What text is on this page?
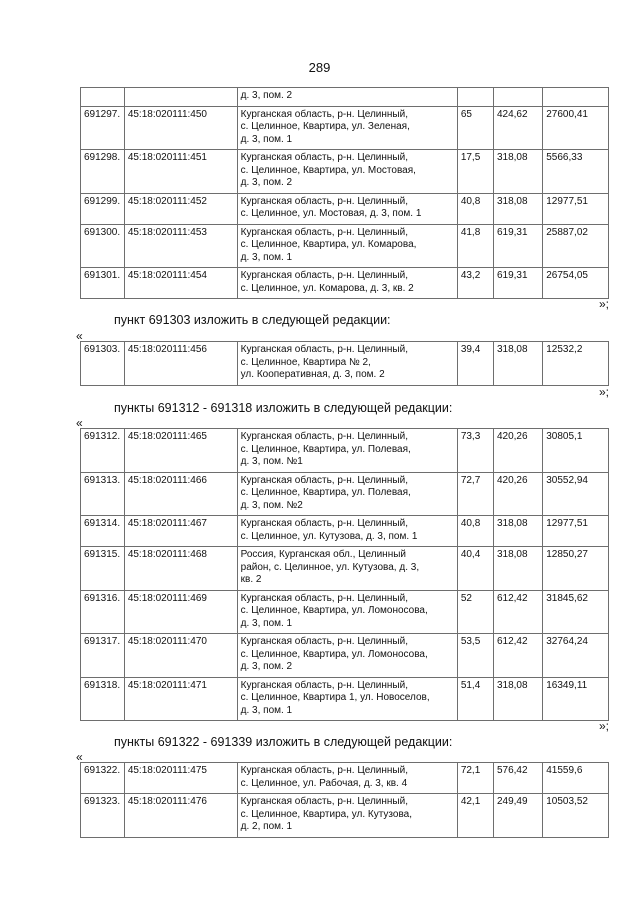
289

		д. 3, пом. 2			

691297.	45:18:020111:450	Курганская область, р-н. Целинный,
с. Целинное, Квартира, ул. Зеленая,
д. 3, пом. 1	65	424,62	27600,41
691298.	45:18:020111:451	Курганская область, р-н. Целинный,
с. Целинное, Квартира, ул. Мостовая,
д. 3, пом. 2	17,5	318,08	5566,33
691299.	45:18:020111:452	Курганская область, р-н. Целинный,
с. Целинное, ул. Мостовая, д. 3, пом. 1	40,8	318,08	12977,51
691300.	45:18:020111:453	Курганская область, р-н. Целинный,
с. Целинное, Квартира, ул. Комарова,
д. 3, пом. 1	41,8	619,31	25887,02
691301.	45:18:020111:454	Курганская область, р-н. Целинный,
с. Целинное, ул. Комарова, д. 3, кв. 2	43,2	619,31	26754,05
»;
пункт 691303 изложить в следующей редакции:
«
691303.	45:18:020111:456	Курганская область, р-н. Целинный,
с. Целинное, Квартира № 2,
ул. Кооперативная, д. 3, пом. 2
	39,4	318,08	12532,2
»;
пункты 691312 - 691318 изложить в следующей редакции:
«
691312.	45:18:020111:465	Курганская область, р-н. Целинный,
с. Целинное, Квартира, ул. Полевая,
д. 3, пом. №1	73,3	420,26	30805,1
691313.	45:18:020111:466	Курганская область, р-н. Целинный,
с. Целинное, Квартира, ул. Полевая,
д. 3, пом. №2	72,7	420,26	30552,94
691314.	45:18:020111:467	Курганская область, р-н. Целинный,
с. Целинное, ул. Кутузова, д. 3, пом. 1	40,8	318,08	12977,51
691315.	45:18:020111:468	Россия, Курганская обл., Целинный
район, с. Целинное, ул. Кутузова, д. 3,
кв. 2	40,4	318,08	12850,27
691316.	45:18:020111:469	Курганская область, р-н. Целинный,
с. Целинное, Квартира, ул. Ломоносова,
д. 3, пом. 1	52	612,42	31845,62
691317.	45:18:020111:470	Курганская область, р-н. Целинный,
с. Целинное, Квартира, ул. Ломоносова,
д. 3, пом. 2	53,5	612,42	32764,24
691318.	45:18:020111:471	Курганская область, р-н. Целинный,
с. Целинное, Квартира 1, ул. Новоселов,
д. 3, пом. 1	51,4	318,08	16349,11
»;
пункты 691322 - 691339 изложить в следующей редакции:
«
691322.	45:18:020111:475	Курганская область, р-н. Целинный,
с. Целинное, ул. Рабочая, д. 3, кв. 4	72,1	576,42	41559,6
691323.	45:18:020111:476	Курганская область, р-н. Целинный,
с. Целинное, Квартира, ул. Кутузова,
д. 2, пом. 1	42,1	249,49	10503,52
